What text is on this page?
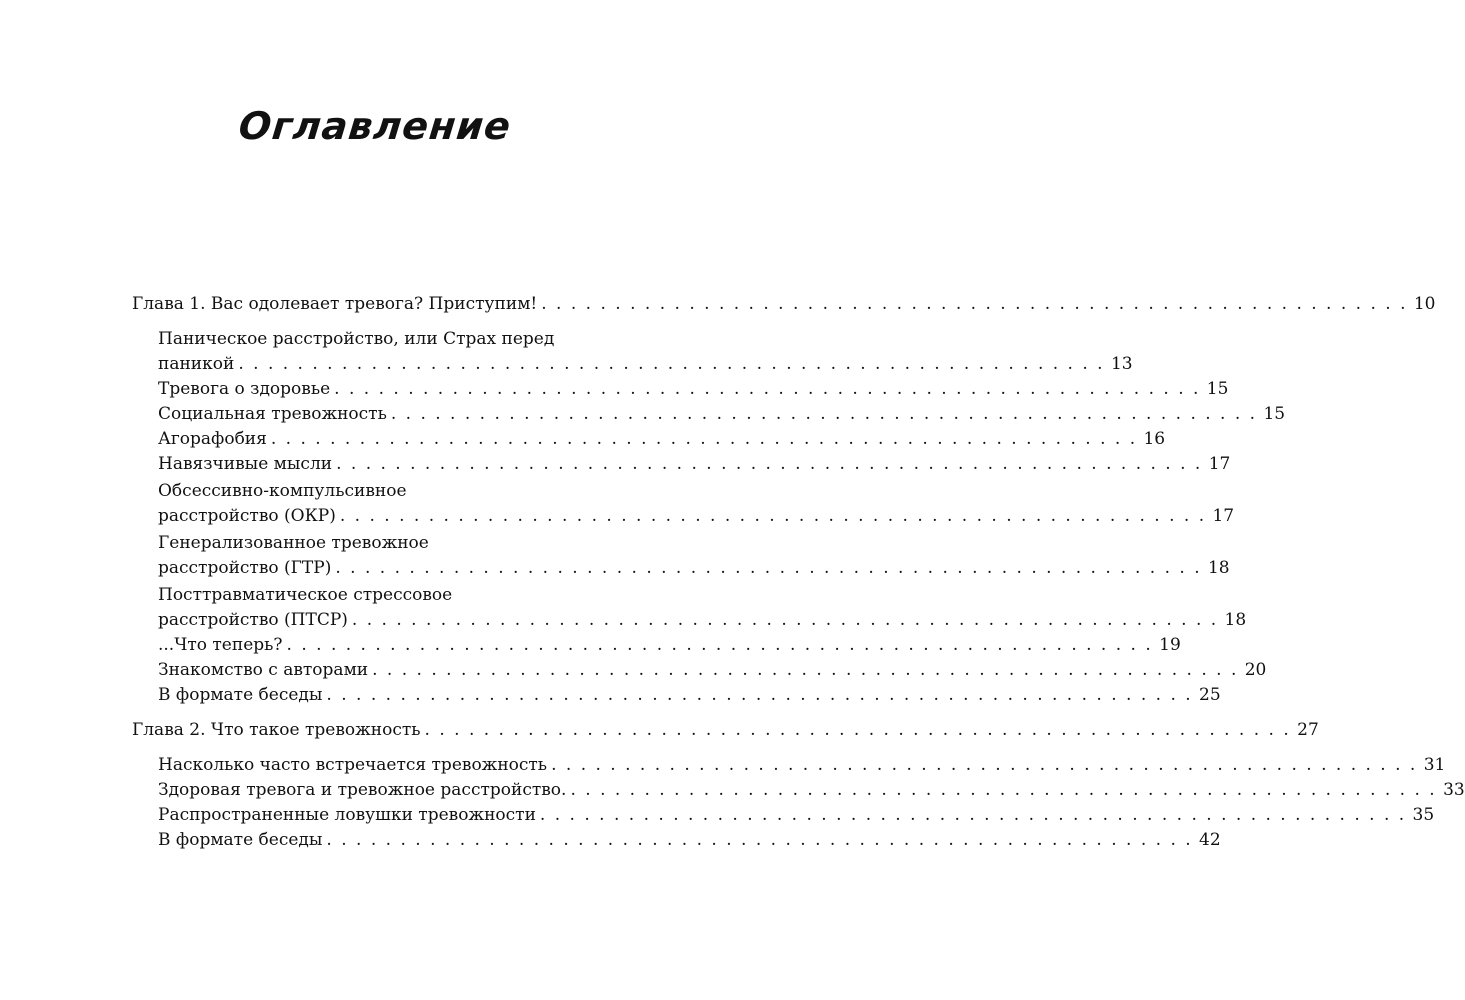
Оглавление
Глава 1. Вас одолевает тревога? Приступим! . . . . . . . . . . . . . . . . . . . . . . . . . . . . . . . . . . . . . . . . . . . . . . . . . . . . . . . . . . . 10
Паническое расстройство, или Страх перед
паникой . . . . . . . . . . . . . . . . . . . . . . . . . . . . . . . . . . . . . . . . . . . . . . . . . . . . . . . . . . . 13
Тревога о здоровье . . . . . . . . . . . . . . . . . . . . . . . . . . . . . . . . . . . . . . . . . . . . . . . . . . . . . . . . . . . 15
Социальная тревожность . . . . . . . . . . . . . . . . . . . . . . . . . . . . . . . . . . . . . . . . . . . . . . . . . . . . . . . . . . . 15
Агорафобия . . . . . . . . . . . . . . . . . . . . . . . . . . . . . . . . . . . . . . . . . . . . . . . . . . . . . . . . . . . 16
Навязчивые мысли . . . . . . . . . . . . . . . . . . . . . . . . . . . . . . . . . . . . . . . . . . . . . . . . . . . . . . . . . . . 17
Обсессивно-компульсивное
расстройство (ОКР) . . . . . . . . . . . . . . . . . . . . . . . . . . . . . . . . . . . . . . . . . . . . . . . . . . . . . . . . . . . 17
Генерализованное тревожное
расстройство (ГТР) . . . . . . . . . . . . . . . . . . . . . . . . . . . . . . . . . . . . . . . . . . . . . . . . . . . . . . . . . . . 18
Посттравматическое стрессовое
расстройство (ПТСР) . . . . . . . . . . . . . . . . . . . . . . . . . . . . . . . . . . . . . . . . . . . . . . . . . . . . . . . . . . . 18
...Что теперь? . . . . . . . . . . . . . . . . . . . . . . . . . . . . . . . . . . . . . . . . . . . . . . . . . . . . . . . . . . . 19
Знакомство с авторами . . . . . . . . . . . . . . . . . . . . . . . . . . . . . . . . . . . . . . . . . . . . . . . . . . . . . . . . . . . 20
В формате беседы . . . . . . . . . . . . . . . . . . . . . . . . . . . . . . . . . . . . . . . . . . . . . . . . . . . . . . . . . . . 25
Глава 2. Что такое тревожность . . . . . . . . . . . . . . . . . . . . . . . . . . . . . . . . . . . . . . . . . . . . . . . . . . . . . . . . . . . 27
Насколько часто встречается тревожность . . . . . . . . . . . . . . . . . . . . . . . . . . . . . . . . . . . . . . . . . . . . . . . . . . . . . . . . . . . 31
Здоровая тревога и тревожное расстройство. . . . . . . . . . . . . . . . . . . . . . . . . . . . . . . . . . . . . . . . . . . . . . . . . . . . . . . . . . . . 33
Распространенные ловушки тревожности . . . . . . . . . . . . . . . . . . . . . . . . . . . . . . . . . . . . . . . . . . . . . . . . . . . . . . . . . . . 35
В формате беседы . . . . . . . . . . . . . . . . . . . . . . . . . . . . . . . . . . . . . . . . . . . . . . . . . . . . . . . . . . . 42
